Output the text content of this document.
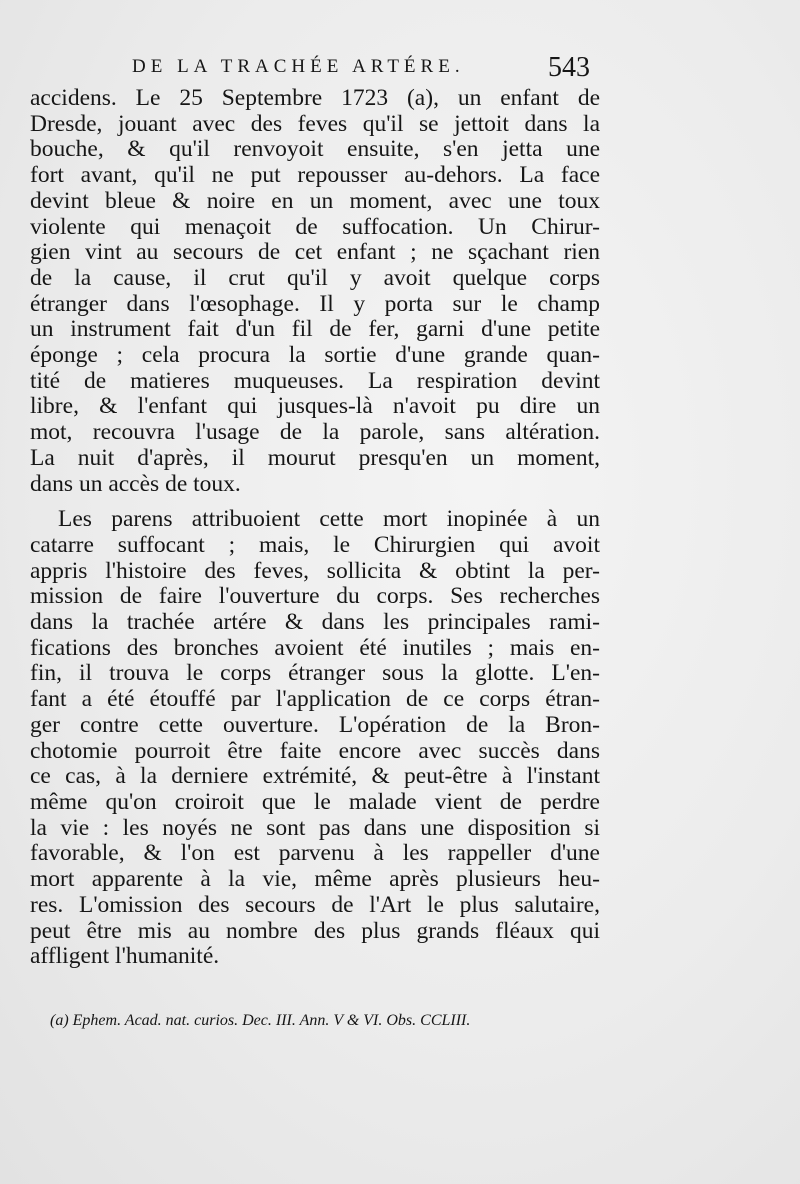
DE LA TRACHÉE ARTÉRE.	543
accidens. Le 25 Septembre 1723 (a), un enfant de
Dresde, jouant avec des feves qu'il se jettoit dans la
bouche, & qu'il renvoyoit ensuite, s'en jetta une
fort avant, qu'il ne put repousser au-dehors. La face
devint bleue & noire en un moment, avec une toux
violente qui menaçoit de suffocation. Un Chirur-
gien vint au secours de cet enfant ; ne sçachant rien
de la cause, il crut qu'il y avoit quelque corps
étranger dans l'œsophage. Il y porta sur le champ
un instrument fait d'un fil de fer, garni d'une petite
éponge ; cela procura la sortie d'une grande quan-
tité de matieres muqueuses. La respiration devint
libre, & l'enfant qui jusques-là n'avoit pu dire un
mot, recouvra l'usage de la parole, sans altération.
La nuit d'après, il mourut presqu'en un moment,
dans un accès de toux.
Les parens attribuoient cette mort inopinée à un
catarre suffocant ; mais, le Chirurgien qui avoit
appris l'histoire des feves, sollicita & obtint la per-
mission de faire l'ouverture du corps. Ses recherches
dans la trachée artére & dans les principales rami-
fications des bronches avoient été inutiles ; mais en-
fin, il trouva le corps étranger sous la glotte. L'en-
fant a été étouffé par l'application de ce corps étran-
ger contre cette ouverture. L'opération de la Bron-
chotomie pourroit être faite encore avec succès dans
ce cas, à la derniere extrémité, & peut-être à l'instant
même qu'on croiroit que le malade vient de perdre
la vie : les noyés ne sont pas dans une disposition si
favorable, & l'on est parvenu à les rappeller d'une
mort apparente à la vie, même après plusieurs heu-
res. L'omission des secours de l'Art le plus salutaire,
peut être mis au nombre des plus grands fléaux qui
affligent l'humanité.
(a) Ephem. Acad. nat. curios. Dec. III. Ann. V & VI. Obs. CCLIII.
